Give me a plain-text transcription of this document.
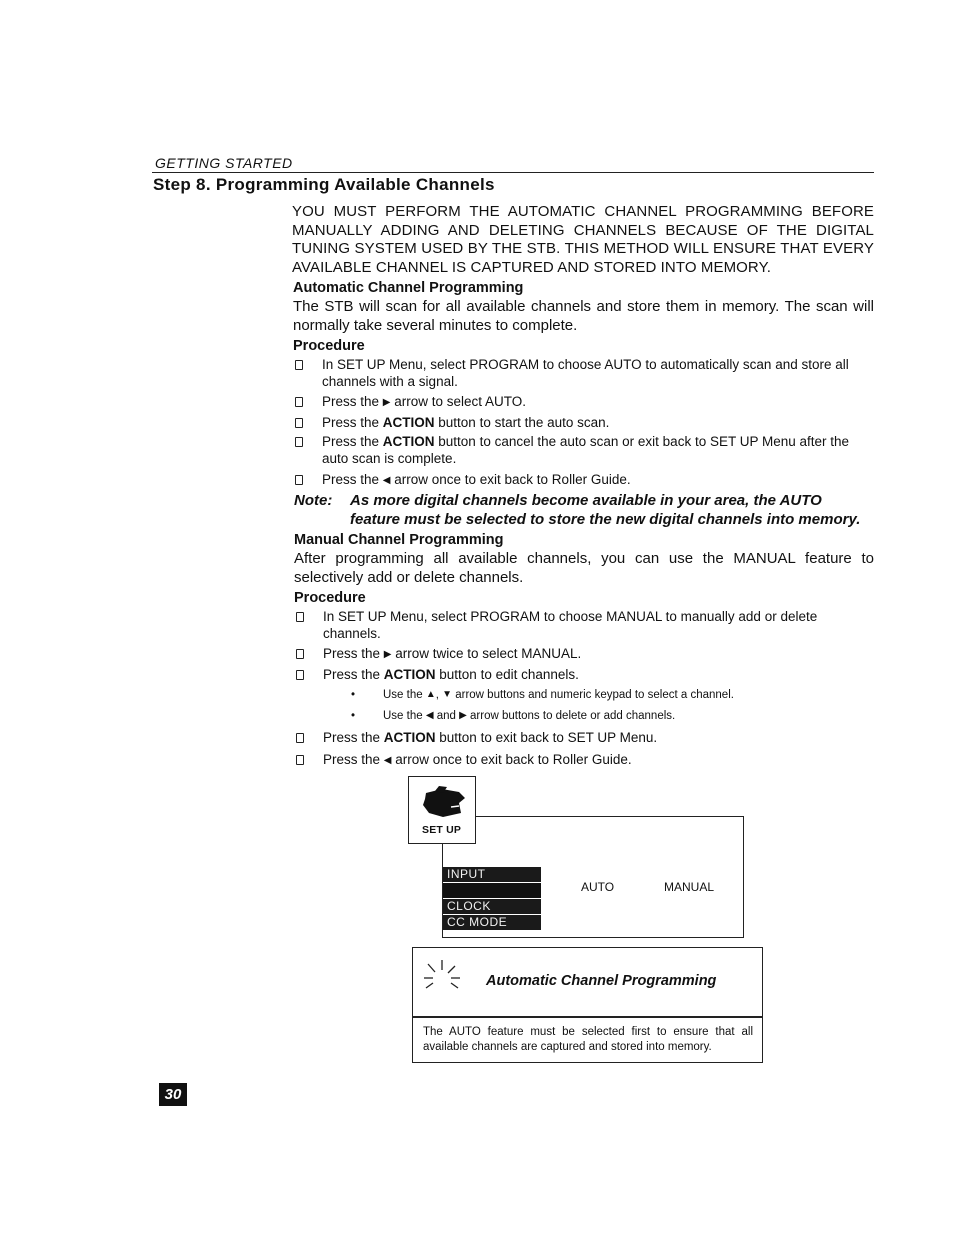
GETTING STARTED
Step 8. Programming Available Channels
YOU MUST PERFORM THE AUTOMATIC CHANNEL PROGRAMMING BEFORE MANUALLY ADDING AND DELETING CHANNELS BECAUSE OF THE DIGITAL TUNING SYSTEM USED BY THE STB. THIS METHOD WILL ENSURE THAT EVERY AVAILABLE CHANNEL IS CAPTURED AND STORED INTO MEMORY.
Automatic Channel Programming
The STB will scan for all available channels and store them in memory. The scan will normally take several minutes to complete.
Procedure
In SET UP Menu, select PROGRAM to choose AUTO to automatically scan and store all channels with a signal.
Press the ▶ arrow to select AUTO.
Press the ACTION button to start the auto scan.
Press the ACTION button to cancel the auto scan or exit back to SET UP Menu after the auto scan is complete.
Press the ◀ arrow once to exit back to Roller Guide.
Note: As more digital channels become available in your area, the AUTO
feature must be selected to store the new digital channels into memory.
Manual Channel Programming
After programming all available channels, you can use the MANUAL feature to selectively add or delete channels.
Procedure
In SET UP Menu, select PROGRAM to choose MANUAL to manually add or delete channels.
Press the ▶ arrow twice to select MANUAL.
Press the ACTION button to edit channels.
• Use the ▲, ▼ arrow buttons and numeric keypad to select a channel.
• Use the ◀ and ▶ arrow buttons to delete or add channels.
Press the ACTION button to exit back to SET UP Menu.
Press the ◀ arrow once to exit back to Roller Guide.
SET UP
INPUT
CLOCK
CC MODE
AUTO	MANUAL
Automatic Channel Programming
The AUTO feature must be selected first to ensure that all available channels are captured and stored into memory.
30
